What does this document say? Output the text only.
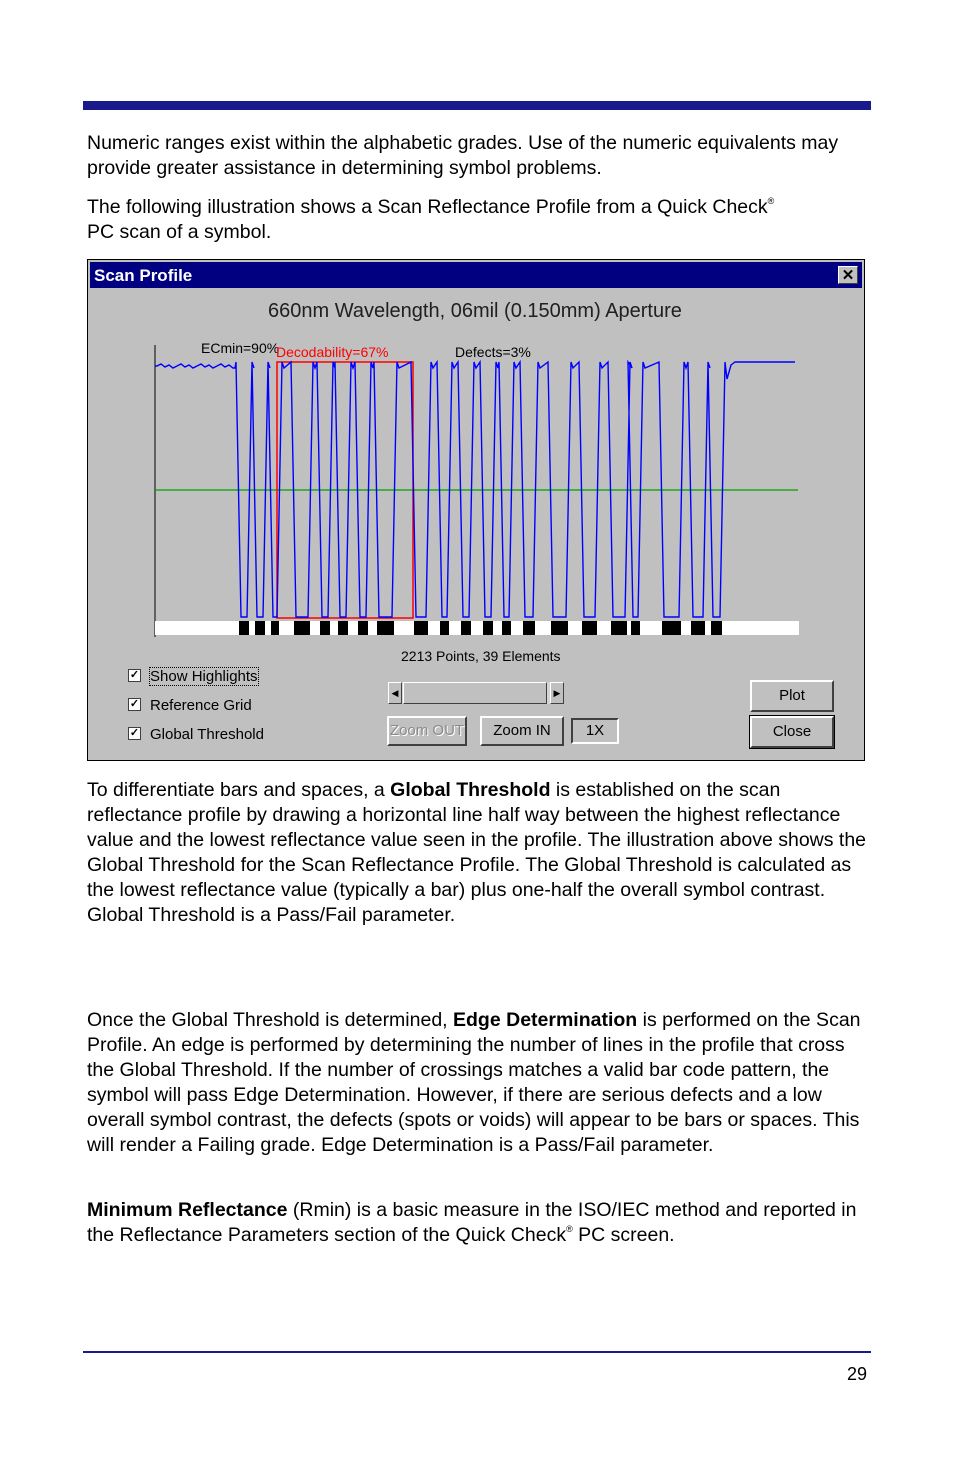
Numeric ranges exist within the alphabetic grades. Use of the numeric equivalents may provide greater assistance in determining symbol problems.

The following illustration shows a Scan Reflectance Profile from a Quick Check®
PC scan of a symbol.

Scan Profile	✕
660nm Wavelength, 06mil (0.150mm) Aperture
ECmin=90%
Decodability=67%	Defects=3%
2213 Points, 39 Elements
✓ Show Highlights
✓ Reference Grid
✓ Global Threshold
◀	▶
Zoom OUT	Zoom IN	1X
Plot
Close

To differentiate bars and spaces, a Global Threshold is established on the scan reflectance profile by drawing a horizontal line half way between the highest reflectance value and the lowest reflectance value seen in the profile. The illustration above shows the Global Threshold for the Scan Reflectance Profile. The Global Threshold is calculated as the lowest reflectance value (typically a bar) plus one-half the overall symbol contrast. Global Threshold is a Pass/Fail parameter.

Once the Global Threshold is determined, Edge Determination is performed on the Scan Profile. An edge is performed by determining the number of lines in the profile that cross the Global Threshold. If the number of crossings matches a valid bar code pattern, the symbol will pass Edge Determination. However, if there are serious defects and a low overall symbol contrast, the defects (spots or voids) will appear to be bars or spaces. This will render a Failing grade. Edge Determination is a Pass/Fail parameter.

Minimum Reflectance (Rmin) is a basic measure in the ISO/IEC method and reported in the Reflectance Parameters section of the Quick Check® PC screen.

29
